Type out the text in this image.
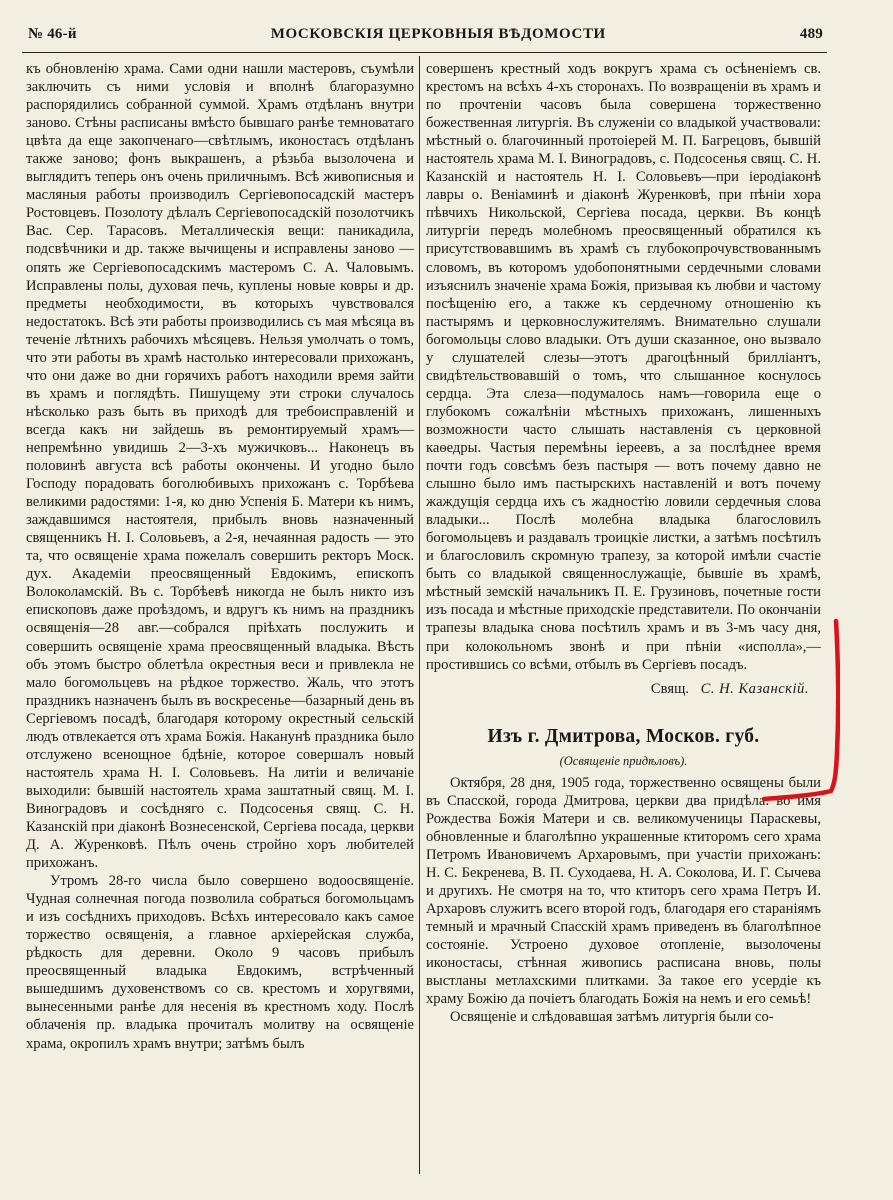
№ 46-й	МОСКОВСКІЯ ЦЕРКОВНЫЯ ВѢДОМОСТИ	489

къ обновленію храма. Сами одни нашли мастеровъ, съумѣли заключить съ ними условія и вполнѣ благоразумно распорядились собранной суммой. Храмъ отдѣланъ внутри заново. Стѣны расписаны вмѣсто бывшаго ранѣе темноватаго цвѣта да еще закопченаго—свѣтлымъ, иконостасъ отдѣланъ также заново; фонъ выкрашенъ, а рѣзьба вызолочена и выглядитъ теперь онъ очень приличнымъ. Всѣ живописныя и масляныя работы производилъ Сергіевопосадскій мастеръ Ростовцевъ. Позолоту дѣлалъ Сергіевопосадскій позолотчикъ Вас. Сер. Тарасовъ. Металлическія вещи: паникадила, подсвѣчники и др. также вычищены и исправлены заново — опять же Сергіевопосадскимъ мастеромъ С. А. Чаловымъ. Исправлены полы, духовая печь, куплены новые ковры и др. предметы необходимости, въ которыхъ чувствовался недостатокъ. Всѣ эти работы производились съ мая мѣсяца въ теченіе лѣтнихъ рабочихъ мѣсяцевъ. Нельзя умолчать о томъ, что эти работы въ храмѣ настолько интересовали прихожанъ, что они даже во дни горячихъ работъ находили время зайти въ храмъ и поглядѣть. Пишущему эти строки случалось нѣсколько разъ быть въ приходѣ для требоисправленій и всегда какъ ни зайдешь въ ремонтируемый храмъ—непремѣнно увидишь 2—3-хъ мужичковъ... Наконецъ въ половинѣ августа всѣ работы окончены. И угодно было Господу порадовать боголюбивыхъ прихожанъ с. Торбѣева великими радостями: 1-я, ко дню Успенія Б. Матери къ нимъ, заждавшимся настоятеля, прибылъ вновь назначенный священникъ Н. І. Соловьевъ, а 2-я, нечаянная радость — это та, что освященіе храма пожелалъ совершить ректоръ Моск. дух. Академіи преосвященный Евдокимъ, епископъ Волоколамскій. Въ с. Торбѣевѣ никогда не былъ никто изъ епископовъ даже проѣздомъ, и вдругъ къ нимъ на праздникъ освященія—28 авг.—собрался пріѣхать послужить и совершить освященіе храма преосвященный владыка. Вѣсть объ этомъ быстро облетѣла окрестныя веси и привлекла не мало богомольцевъ на рѣдкое торжество. Жаль, что этотъ праздникъ назначенъ былъ въ воскресенье—базарный день въ Сергіевомъ посадѣ, благодаря которому окрестный сельскій людъ отвлекается отъ храма Божія. Наканунѣ праздника было отслужено всенощное бдѣніе, которое совершалъ новый настоятель храма Н. І. Соловьевъ. На литіи и величаніе выходили: бывшій настоятель храма заштатный свящ. М. І. Виноградовъ и сосѣдняго с. Подсосенья свящ. С. Н. Казанскій при діаконѣ Вознесенской, Сергіева посада, церкви Д. А. Журенковѣ. Пѣлъ очень стройно хоръ любителей прихожанъ.

Утромъ 28-го числа было совершено водоосвященіе. Чудная солнечная погода позволила собраться богомольцамъ и изъ сосѣднихъ приходовъ. Всѣхъ интересовало какъ самое торжество освященія, а главное архіерейская служба, рѣдкость для деревни. Около 9 часовъ прибылъ преосвященный владыка Евдокимъ, встрѣченный вышедшимъ духовенствомъ со св. крестомъ и хоругвями, вынесенными ранѣе для несенія въ крестномъ ходу. Послѣ облаченія пр. владыка прочиталъ молитву на освященіе храма, окропилъ храмъ внутри; затѣмъ былъ

совершенъ крестный ходъ вокругъ храма съ осѣненіемъ св. крестомъ на всѣхъ 4-хъ сторонахъ. По возвращеніи въ храмъ и по прочтеніи часовъ была совершена торжественно божественная литургія. Въ служеніи со владыкой участвовали: мѣстный о. благочинный протоіерей М. П. Багрецовъ, бывшій настоятель храма М. І. Виноградовъ, с. Подсосенья свящ. С. Н. Казанскій и настоятель Н. І. Соловьевъ—при іеродіаконѣ лавры о. Веніаминѣ и діаконѣ Журенковѣ, при пѣніи хора пѣвчихъ Никольской, Сергіева посада, церкви. Въ концѣ литургіи передъ молебномъ преосвященный обратился къ присутствовавшимъ въ храмѣ съ глубокопрочувствованнымъ словомъ, въ которомъ удобопонятными сердечными словами изъяснилъ значеніе храма Божія, призывая къ любви и частому посѣщенію его, а также къ сердечному отношенію къ пастырямъ и церковнослужителямъ. Внимательно слушали богомольцы слово владыки. Отъ души сказанное, оно вызвало у слушателей слезы—этотъ драгоцѣнный брилліантъ, свидѣтельствовавшій о томъ, что слышанное коснулось сердца. Эта слеза—подумалось намъ—говорила еще о глубокомъ сожалѣніи мѣстныхъ прихожанъ, лишенныхъ возможности часто слышать наставленія съ церковной каѳедры. Частыя перемѣны іереевъ, а за послѣднее время почти годъ совсѣмъ безъ пастыря — вотъ почему давно не слышно было имъ пастырскихъ наставленій и вотъ почему жаждущія сердца ихъ съ жадностію ловили сердечныя слова владыки... Послѣ молебна владыка благословилъ богомольцевъ и раздавалъ троицкіе листки, а затѣмъ посѣтилъ и благословилъ скромную трапезу, за которой имѣли счастіе быть со владыкой священнослужащіе, бывшіе въ храмѣ, мѣстный земскій начальникъ П. Е. Грузиновъ, почетные гости изъ посада и мѣстные приходскіе представители. По окончаніи трапезы владыка снова посѣтилъ храмъ и въ 3-мъ часу дня, при колокольномъ звонѣ и при пѣніи «исполла»,—простившись со всѣми, отбылъ въ Сергіевъ посадъ.

Свящ. С. Н. Казанскій.
Изъ г. Дмитрова, Москов. губ.
(Освященіе придѣловъ).

Октября, 28 дня, 1905 года, торжественно освящены были въ Спасской, города Дмитрова, церкви два придѣла: во имя Рождества Божія Матери и св. великомученицы Параскевы, обновленные и благолѣпно украшенные ктиторомъ сего храма Петромъ Ивановичемъ Архаровымъ, при участіи прихожанъ: Н. С. Бекренева, В. П. Суходаева, Н. А. Соколова, И. Г. Сычева и другихъ. Не смотря на то, что ктиторъ сего храма Петръ И. Архаровъ служитъ всего второй годъ, благодаря его стараніямъ темный и мрачный Спасскій храмъ приведенъ въ благолѣпное состояніе. Устроено духовое отопленіе, вызолочены иконостасы, стѣнная живопись расписана вновь, полы выстланы метлахскими плитками. За такое его усердіе къ храму Божію да почіетъ благодать Божія на немъ и его семьѣ!

Освященіе и слѣдовавшая затѣмъ литургія были со-
